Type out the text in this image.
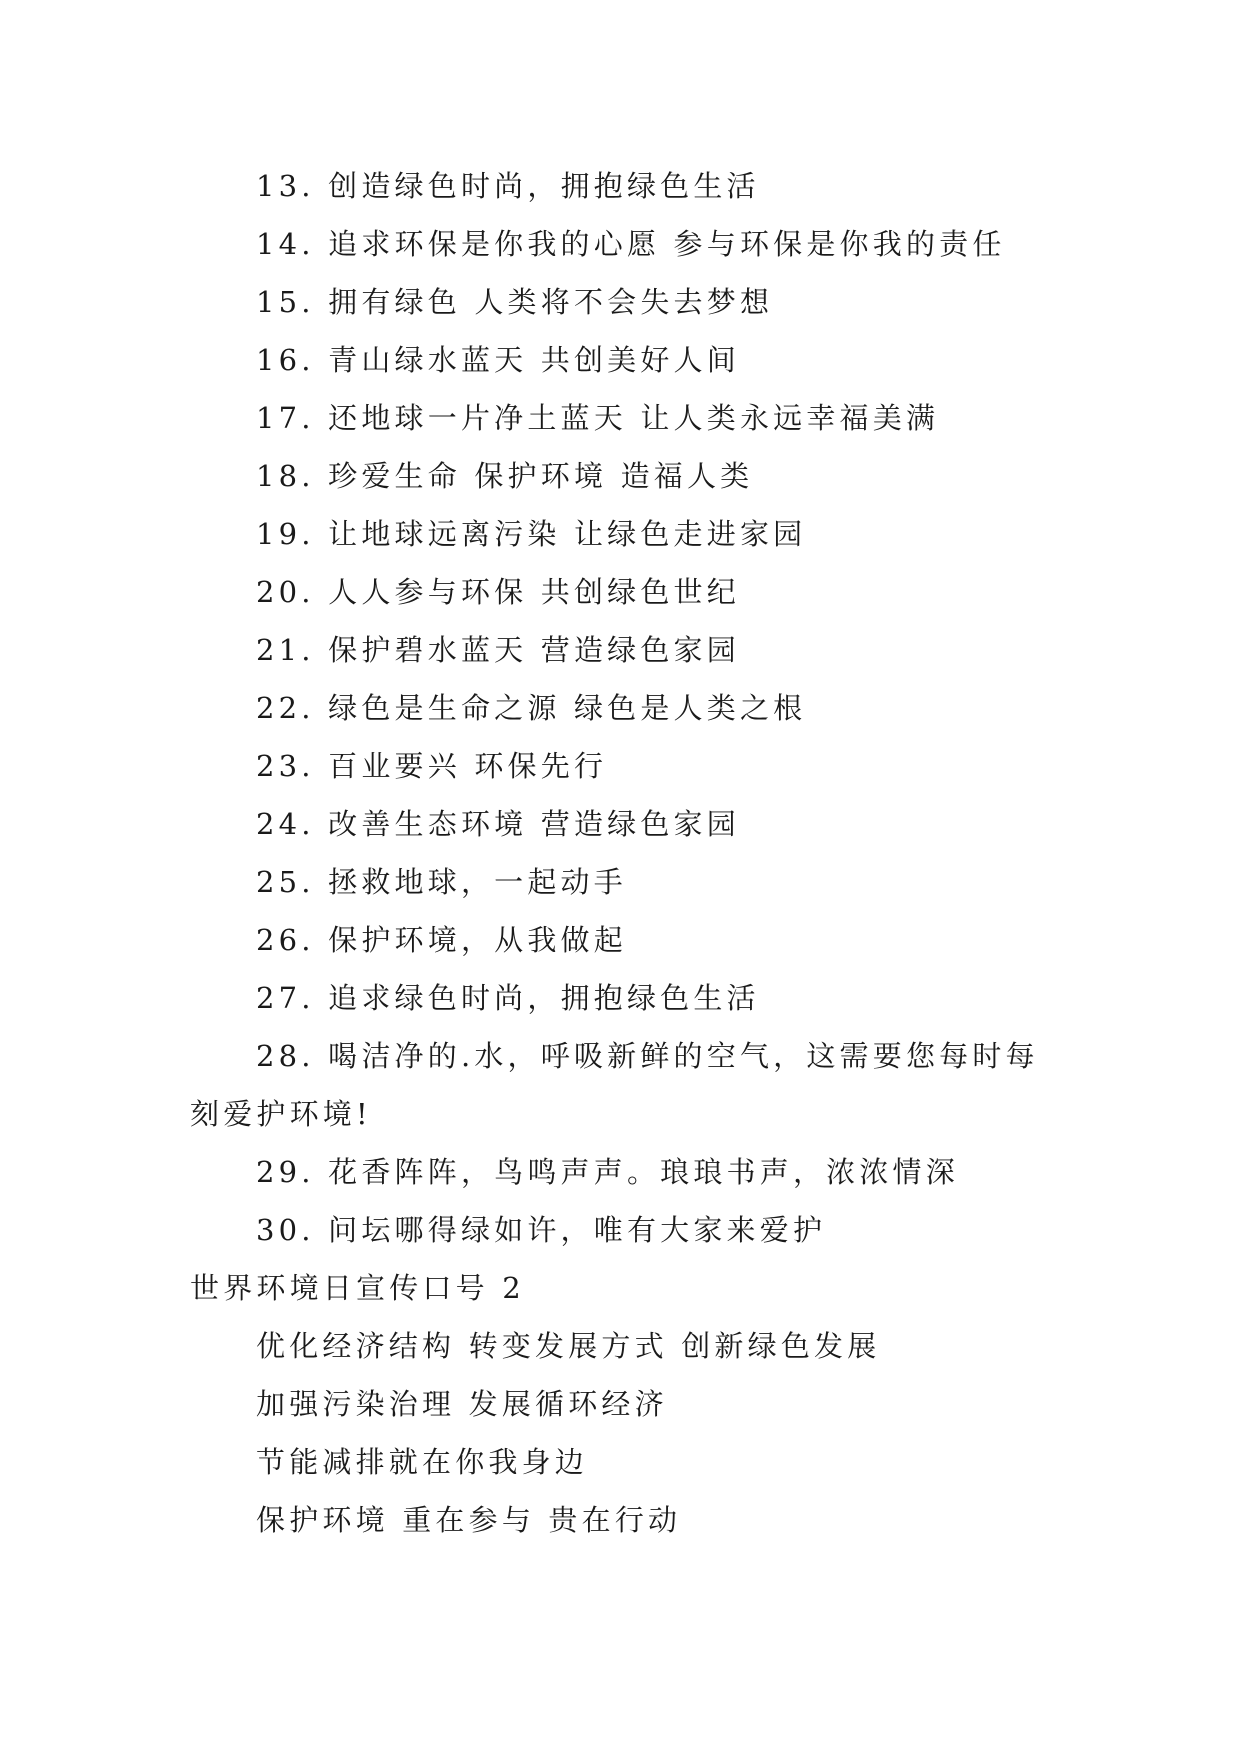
13. 创造绿色时尚，拥抱绿色生活
14. 追求环保是你我的心愿 参与环保是你我的责任
15. 拥有绿色 人类将不会失去梦想
16. 青山绿水蓝天 共创美好人间
17. 还地球一片净土蓝天 让人类永远幸福美满
18. 珍爱生命 保护环境 造福人类
19. 让地球远离污染 让绿色走进家园
20. 人人参与环保 共创绿色世纪
21. 保护碧水蓝天 营造绿色家园
22. 绿色是生命之源 绿色是人类之根
23. 百业要兴 环保先行
24. 改善生态环境 营造绿色家园
25. 拯救地球，一起动手
26. 保护环境，从我做起
27. 追求绿色时尚，拥抱绿色生活
28. 喝洁净的.水，呼吸新鲜的空气，这需要您每时每
刻爱护环境!
29. 花香阵阵，鸟鸣声声。琅琅书声，浓浓情深
30. 问坛哪得绿如许，唯有大家来爱护
世界环境日宣传口号 2
优化经济结构 转变发展方式 创新绿色发展
加强污染治理 发展循环经济
节能减排就在你我身边
保护环境 重在参与 贵在行动
